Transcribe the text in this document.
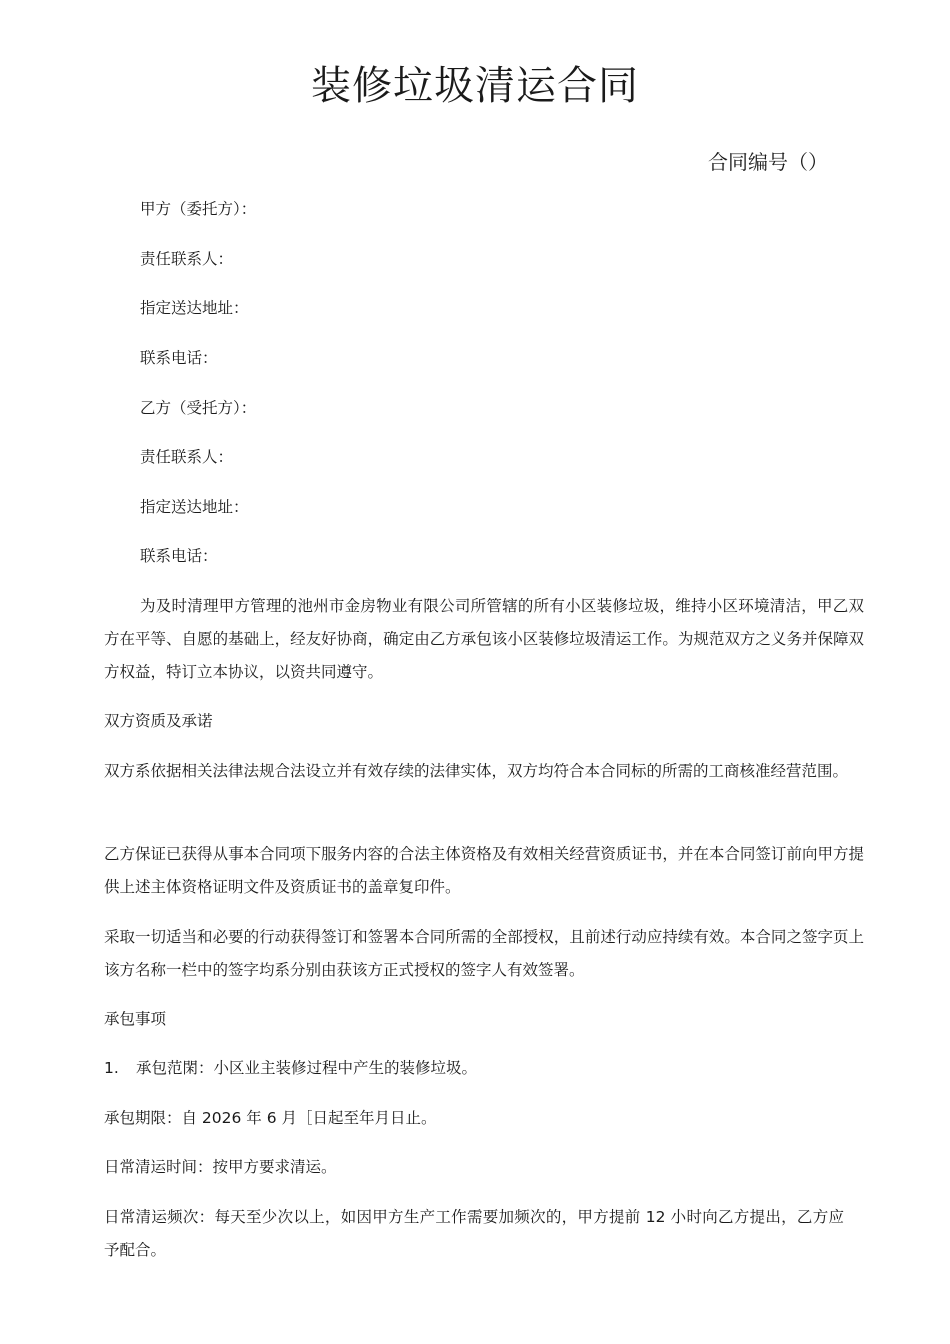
装修垃圾清运合同
合同编号（）
甲方（委托方）：
责任联系人：
指定送达地址：
联系电话：
乙方（受托方）：
责任联系人：
指定送达地址：
联系电话：

为及时清理甲方管理的池州市金房物业有限公司所管辖的所有小区装修垃圾，维持小区环境清洁，甲乙双方在平等、自愿的基础上，经友好协商，确定由乙方承包该小区装修垃圾清运工作。为规范双方之义务并保障双方权益，特订立本协议，以资共同遵守。

双方资质及承诺

双方系依据相关法律法规合法设立并有效存续的法律实体，双方均符合本合同标的所需的工商核准经营范围。

乙方保证已获得从事本合同项下服务内容的合法主体资格及有效相关经营资质证书，并在本合同签订前向甲方提供上述主体资格证明文件及资质证书的盖章复印件。

采取一切适当和必要的行动获得签订和签署本合同所需的全部授权，且前述行动应持续有效。本合同之签字页上该方名称一栏中的签字均系分别由获该方正式授权的签字人有效签署。

承包事项
1. 承包范閑：小区业主装修过程中产生的装修垃圾。
承包期限：自 2026 年 6 月［日起至年月日止。
日常清运时间：按甲方要求清运。

日常清运频次：每天至少次以上，如因甲方生产工作需要加频次的，甲方提前 12 小时向乙方提出，乙方应予配合。
